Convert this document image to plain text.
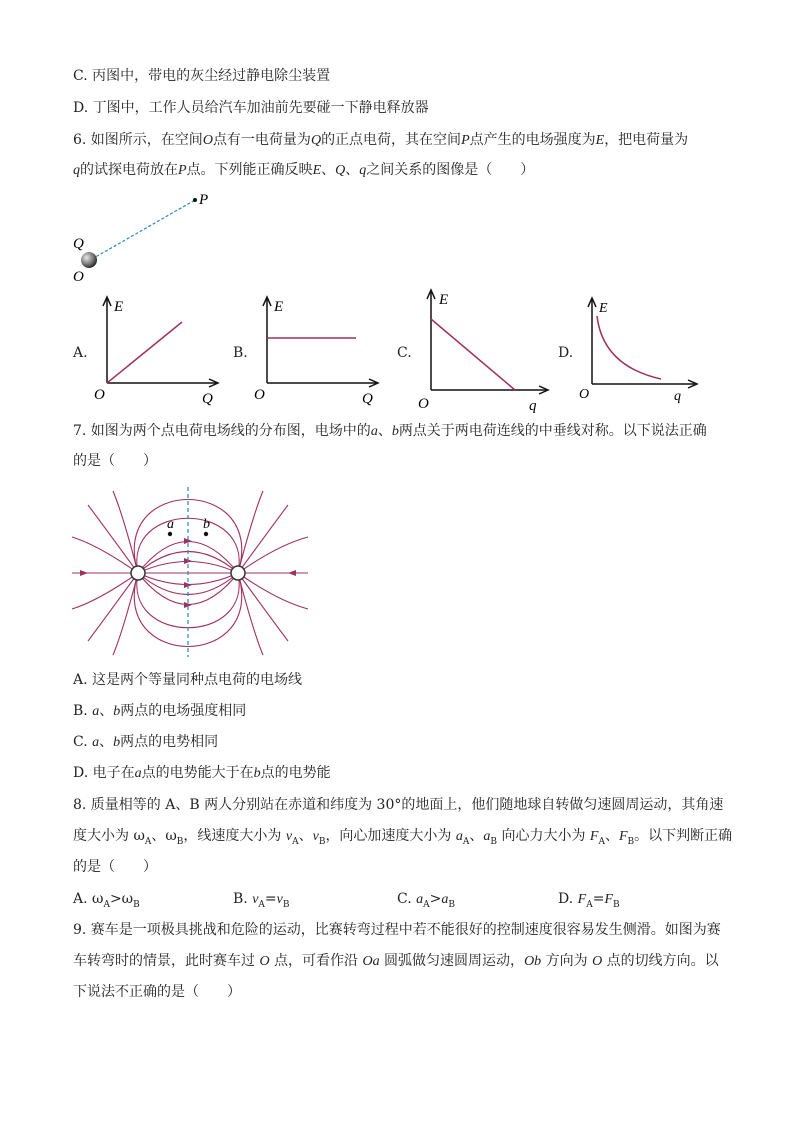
C. 丙图中，带电的灰尘经过静电除尘装置
D. 丁图中，工作人员给汽车加油前先要碰一下静电释放器
6. 如图所示，在空间O点有一电荷量为Q的正点电荷，其在空间P点产生的电场强度为E，把电荷量为
q的试探电荷放在P点。下列能正确反映E、Q、q之间关系的图像是（　　）
P
Q
O
A.
E
O	Q
B.
E
O	Q
C.
E
O	q
D.
E
O	q
7. 如图为两个点电荷电场线的分布图，电场中的a、b两点关于两电荷连线的中垂线对称。以下说法正确
的是（　　）
a b
A. 这是两个等量同种点电荷的电场线
B. a、b两点的电场强度相同
C. a、b两点的电势相同
D. 电子在a点的电势能大于在b点的电势能
8. 质量相等的 A、B 两人分别站在赤道和纬度为 30°的地面上，他们随地球自转做匀速圆周运动，其角速
度大小为 $\omega_A$、$\omega_B$，线速度大小为 $v_A$、$v_B$，向心加速度大小为 $a_A$、$a_B$ 向心力大小为 $F_A$、$F_B$。以下判断正确
的是（　　）
A. $\omega_A>\omega_B$	B. $v_A=v_B$	C. $a_A>a_B$	D. $F_A=F_B$
9. 赛车是一项极具挑战和危险的运动，比赛转弯过程中若不能很好的控制速度很容易发生侧滑。如图为赛
车转弯时的情景，此时赛车过 O 点，可看作沿 Oa 圆弧做匀速圆周运动，Ob 方向为 O 点的切线方向。以
下说法不正确的是（　　）
